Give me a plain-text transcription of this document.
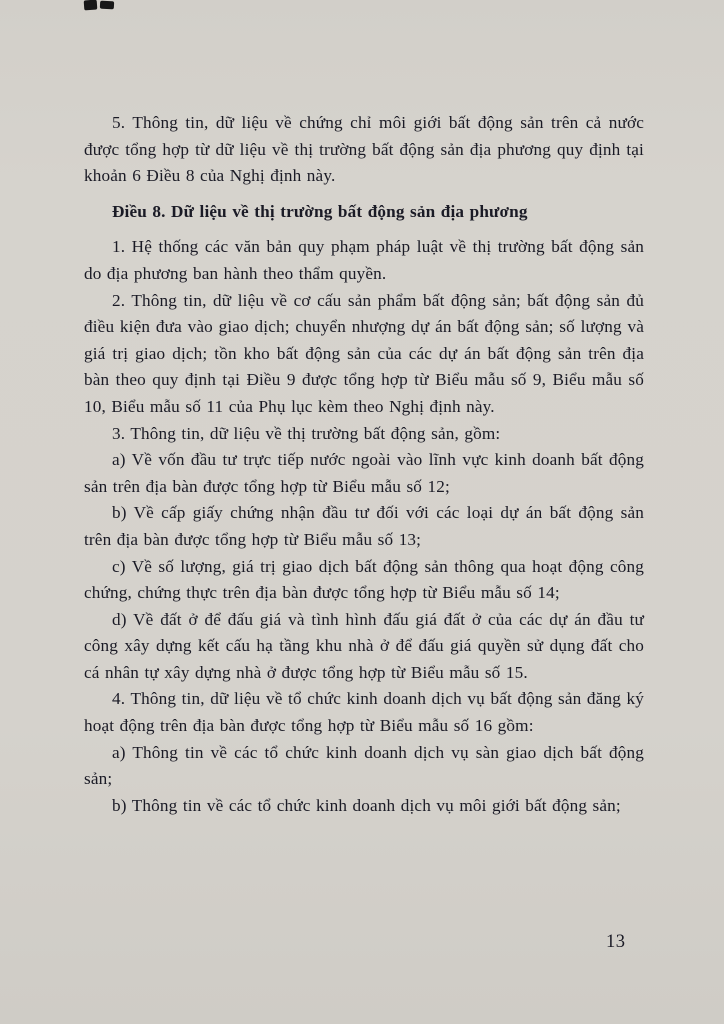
5. Thông tin, dữ liệu về chứng chỉ môi giới bất động sản trên cả nước được tổng hợp từ dữ liệu về thị trường bất động sản địa phương quy định tại khoản 6 Điều 8 của Nghị định này.

Điều 8. Dữ liệu về thị trường bất động sản địa phương

1. Hệ thống các văn bản quy phạm pháp luật về thị trường bất động sản do địa phương ban hành theo thẩm quyền.

2. Thông tin, dữ liệu về cơ cấu sản phẩm bất động sản; bất động sản đủ điều kiện đưa vào giao dịch; chuyển nhượng dự án bất động sản; số lượng và giá trị giao dịch; tồn kho bất động sản của các dự án bất động sản trên địa bàn theo quy định tại Điều 9 được tổng hợp từ Biểu mẫu số 9, Biểu mẫu số 10, Biểu mẫu số 11 của Phụ lục kèm theo Nghị định này.

3. Thông tin, dữ liệu về thị trường bất động sản, gồm:

a) Về vốn đầu tư trực tiếp nước ngoài vào lĩnh vực kinh doanh bất động sản trên địa bàn được tổng hợp từ Biểu mẫu số 12;

b) Về cấp giấy chứng nhận đầu tư đối với các loại dự án bất động sản trên địa bàn được tổng hợp từ Biểu mẫu số 13;

c) Về số lượng, giá trị giao dịch bất động sản thông qua hoạt động công chứng, chứng thực trên địa bàn được tổng hợp từ Biểu mẫu số 14;

d) Về đất ở để đấu giá và tình hình đấu giá đất ở của các dự án đầu tư công xây dựng kết cấu hạ tầng khu nhà ở để đấu giá quyền sử dụng đất cho cá nhân tự xây dựng nhà ở được tổng hợp từ Biểu mẫu số 15.

4. Thông tin, dữ liệu về tổ chức kinh doanh dịch vụ bất động sản đăng ký hoạt động trên địa bàn được tổng hợp từ Biểu mẫu số 16 gồm:

a) Thông tin về các tổ chức kinh doanh dịch vụ sàn giao dịch bất động sản;

b) Thông tin về các tổ chức kinh doanh dịch vụ môi giới bất động sản;

13
